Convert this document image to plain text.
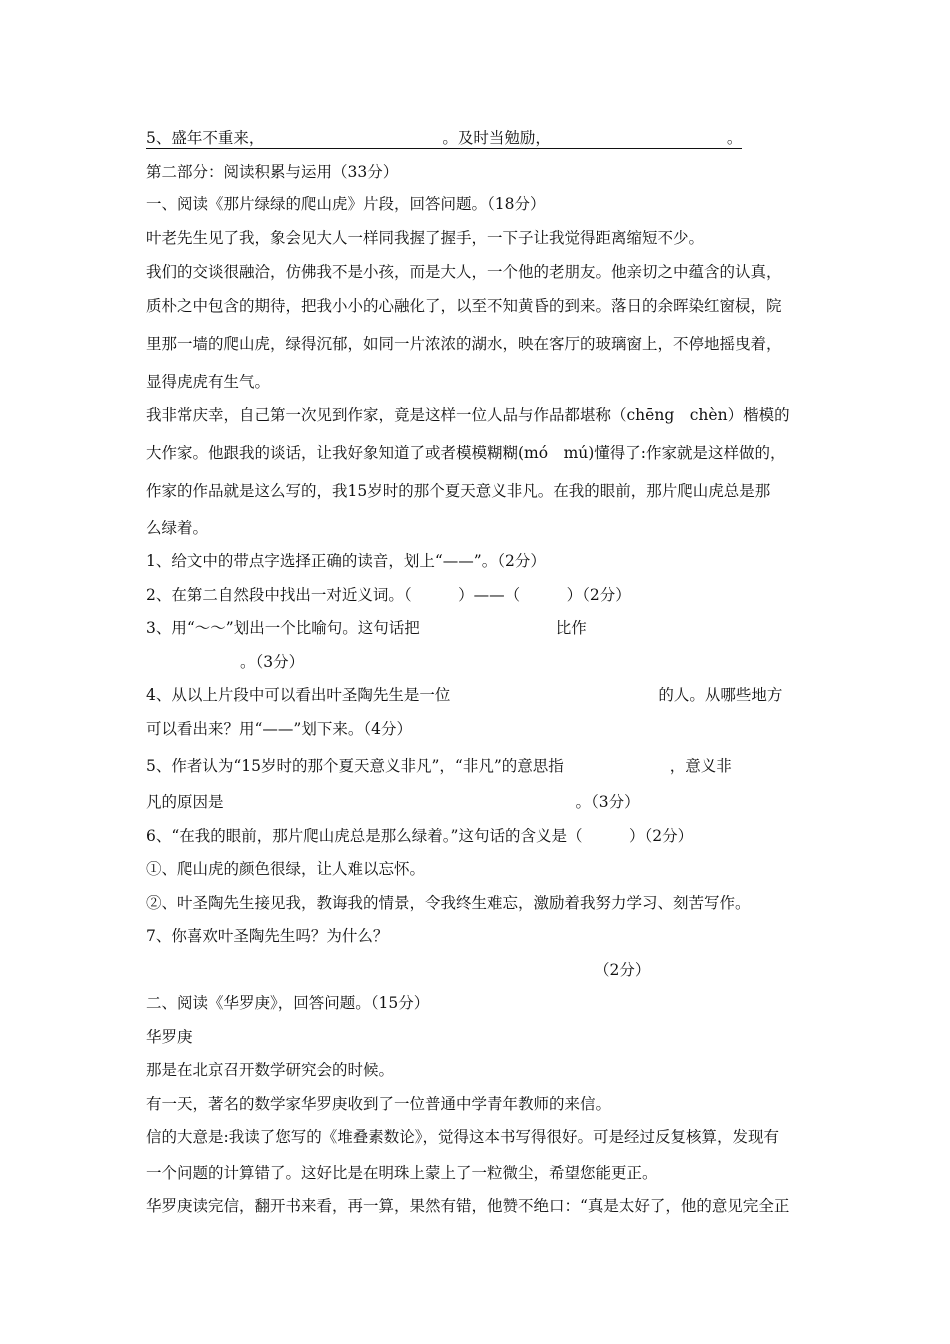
5、盛年不重来，	。及时当勉励，	。
第二部分：阅读积累与运用（33分）
一、阅读《那片绿绿的爬山虎》片段，回答问题。（18分）
叶老先生见了我，象会见大人一样同我握了握手，一下子让我觉得距离缩短不少。
我们的交谈很融洽，仿佛我不是小孩，而是大人，一个他的老朋友。他亲切之中蕴含的认真，
质朴之中包含的期待，把我小小的心融化了，以至不知黄昏的到来。落日的余晖染红窗棂，院
里那一墙的爬山虎，绿得沉郁，如同一片浓浓的湖水，映在客厅的玻璃窗上，不停地摇曳着，
显得虎虎有生气。
我非常庆幸，自己第一次见到作家，竟是这样一位人品与作品都堪称（chēng　chèn）楷模的
大作家。他跟我的谈话，让我好象知道了或者模模糊糊(mó　mú)懂得了:作家就是这样做的，
作家的作品就是这么写的，我15岁时的那个夏天意义非凡。在我的眼前，那片爬山虎总是那
么绿着。
1、给文中的带点字选择正确的读音，划上“——”。（2分）
2、在第二自然段中找出一对近义词。（　　　）——（　　　）（2分）
3、用“～～”划出一个比喻句。这句话把	比作
。（3分）
4、从以上片段中可以看出叶圣陶先生是一位	的人。从哪些地方
可以看出来？用“——”划下来。（4分）
5、作者认为“15岁时的那个夏天意义非凡”，“非凡”的意思指	，意义非
凡的原因是	。（3分）
6、“在我的眼前，那片爬山虎总是那么绿着。”这句话的含义是（　　　）（2分）
①、爬山虎的颜色很绿，让人难以忘怀。
②、叶圣陶先生接见我，教诲我的情景，令我终生难忘，激励着我努力学习、刻苦写作。
7、你喜欢叶圣陶先生吗？为什么？
（2分）
二、阅读《华罗庚》，回答问题。（15分）
华罗庚
那是在北京召开数学研究会的时候。
有一天，著名的数学家华罗庚收到了一位普通中学青年教师的来信。
信的大意是:我读了您写的《堆叠素数论》，觉得这本书写得很好。可是经过反复核算，发现有
一个问题的计算错了。这好比是在明珠上蒙上了一粒微尘，希望您能更正。
华罗庚读完信，翻开书来看，再一算，果然有错，他赞不绝口：“真是太好了，他的意见完全正
